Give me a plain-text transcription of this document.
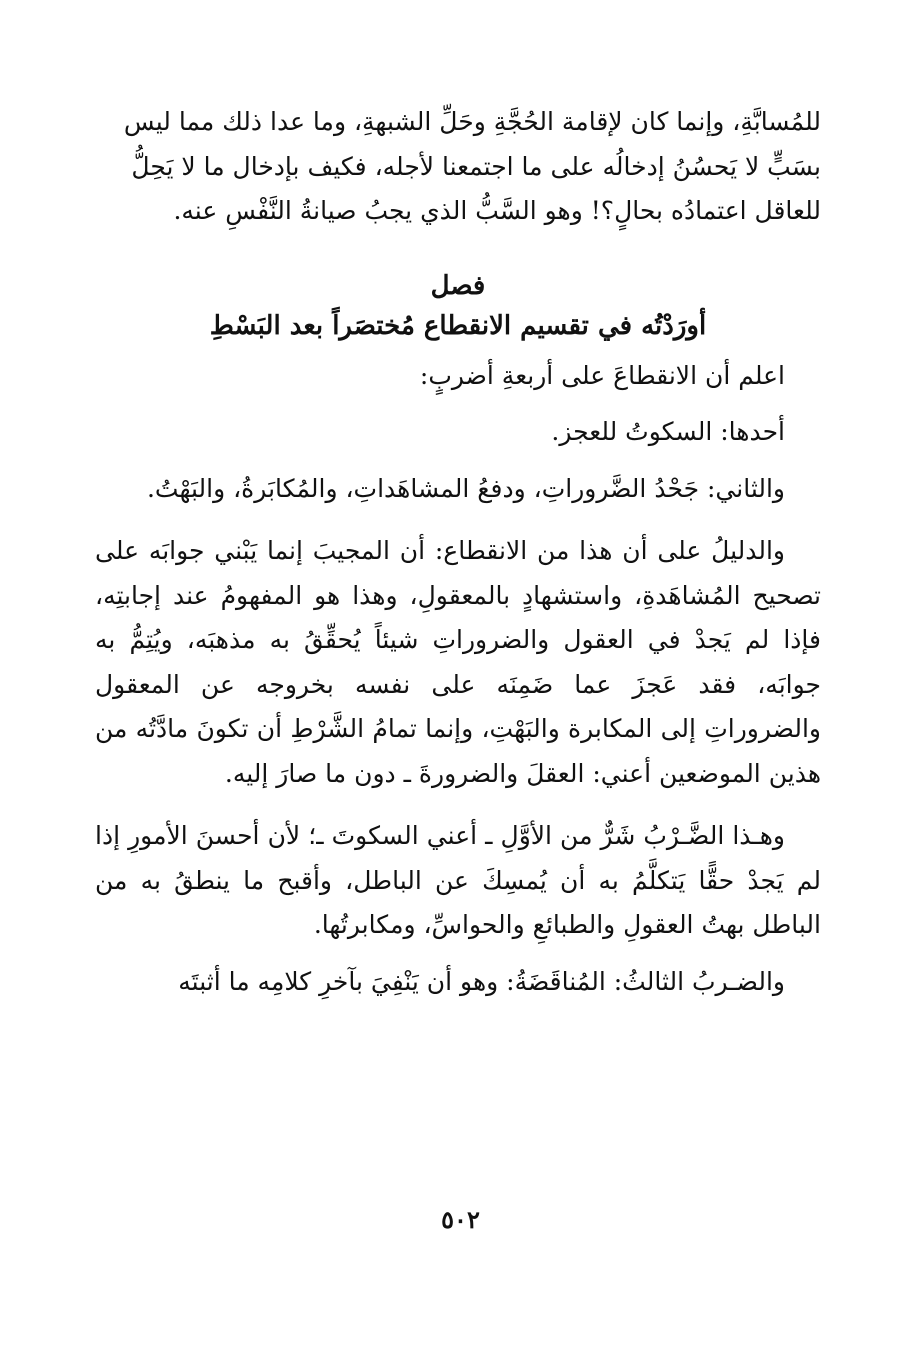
للمُسابَّةِ، وإنما كان لإقامة الحُجَّةِ وحَلِّ الشبهةِ، وما عدا ذلك مما ليس بسَبٍّ لا يَحسُنُ إدخالُه على ما اجتمعنا لأجله، فكيف بإدخال ما لا يَحِلُّ للعاقل اعتمادُه بحالٍ؟! وهو السَّبُّ الذي يجبُ صيانةُ النَّفْسِ عنه.

فصل
أورَدْتُه في تقسيم الانقطاع مُختصَراً بعد البَسْطِ

اعلم أن الانقطاعَ على أربعةِ أضربٍ:

أحدها: السكوتُ للعجز.

والثاني: جَحْدُ الضَّروراتِ، ودفعُ المشاهَداتِ، والمُكابَرةُ، والبَهْتُ.

والدليلُ على أن هذا من الانقطاع: أن المجيبَ إنما يَبْني جوابَه على تصحيح المُشاهَدةِ، واستشهادٍ بالمعقولِ، وهذا هو المفهومُ عند إجابتِه، فإذا لم يَجدْ في العقول والضروراتِ شيئاً يُحقِّقُ به مذهبَه، ويُتِمُّ به جوابَه، فقد عَجزَ عما ضَمِنَه على نفسه بخروجه عن المعقول والضروراتِ إلى المكابرة والبَهْتِ، وإنما تمامُ الشَّرْطِ أن تكونَ مادَّتُه من هذين الموضعين أعني: العقلَ والضرورةَ ـ دون ما صارَ إليه.

وهـذا الضَّـرْبُ شَرٌّ من الأوَّلِ ـ أعني السكوتَ ـ؛ لأن أحسنَ الأمورِ إذا لم يَجدْ حقًّا يَتكلَّمُ به أن يُمسِكَ عن الباطل، وأقبح ما ينطقُ به من الباطل بهتُ العقولِ والطبائعِ والحواسِّ، ومكابرتُها.

والضـربُ الثالثُ: المُناقَضَةُ: وهو أن يَنْفِيَ بآخرِ كلامِه ما أثبتَه

٥٠٢
